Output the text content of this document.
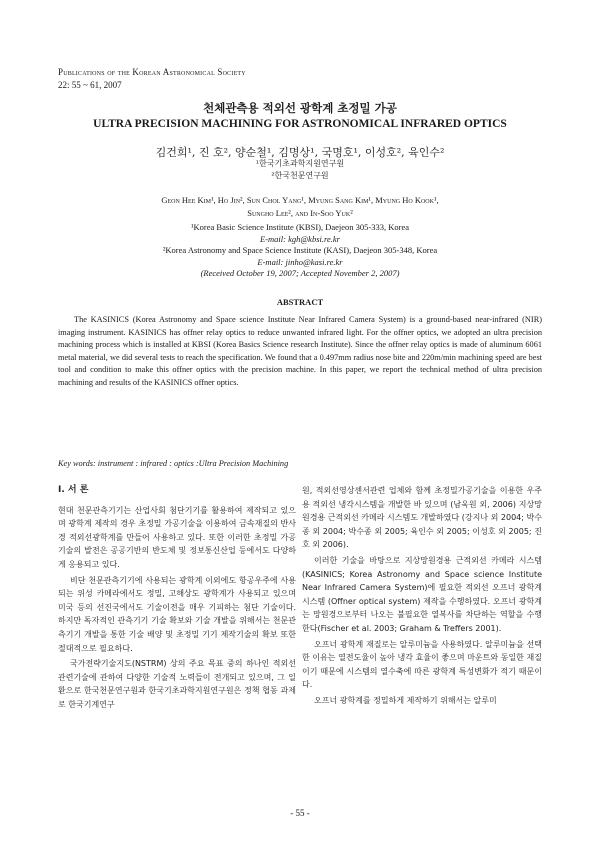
Publications of the Korean Astronomical Society
22: 55 ~ 61, 2007
천체관측용 적외선 광학계 초정밀 가공
ULTRA PRECISION MACHINING FOR ASTRONOMICAL INFRARED OPTICS
김건희¹, 진 호², 양순철¹, 김명상¹, 국명호¹, 이성호², 육인수²
¹한국기초과학지원연구원
²한국천문연구원
Geon Hee Kim¹, Ho Jin², Sun Chol Yang¹, Myung Sang Kim¹, Myung Ho Kook¹,
Sungho Lee², and In-Soo Yuk²
¹Korea Basic Science Institute (KBSI), Daejeon 305-333, Korea
E-mail: kgh@kbsi.re.kr
²Korea Astronomy and Space Science Institute (KASI), Daejeon 305-348, Korea
E-mail: jinho@kasi.re.kr
(Received October 19, 2007; Accepted November 2, 2007)
ABSTRACT
The KASINICS (Korea Astronomy and Space science Institute Near Infrared Camera System) is a ground-based near-infrared (NIR) imaging instrument. KASINICS has offner relay optics to reduce unwanted infrared light. For the offner optics, we adopted an ultra precision machining process which is installed at KBSI (Korea Basics Science research Institute). Since the offner relay optics is made of aluminum 6061 metal material, we did several tests to reach the specification. We found that a 0.497mm radius nose bite and 220m/min machining speed are best tool and condition to make this offner optics with the precision machine. In this paper, we report the technical method of ultra precision machining and results of the KASINICS offner optics.
Key words: instrument : infrared : optics :Ultra Precision Machining
I. 서 론

현대 천문관측기기는 산업사회 첨단기기를 활용하여 제작되고 있으며 광학계 제작의 경우 초정밀 가공기술을 이용하여 금속재질의 반사경 적외선광학계를 만들어 사용하고 있다. 또한 이러한 초정밀 가공기술의 발전은 공공기반의 반도체 및 정보통신산업 등에서도 다양하게 응용되고 있다.

비단 천문관측기기에 사용되는 광학계 이외에도 항공우주에 사용되는 위성 카메라에서도 정밀, 고해상도 광학계가 사용되고 있으며 미국 등의 선진국에서도 기술이전을 매우 기피하는 첨단 기술이다. 하지만 독자적인 관측기기 기술 확보와 기술 개발을 위해서는 천문관측기기 개발을 통한 기술 배양 및 초정밀 기기 제작기술의 확보 또한 절대적으로 필요하다.

국가전략기술지도(NSTRM) 상의 주요 목표 중의 하나인 적외선관련기술에 관하여 다양한 기술적 노력들이 전개되고 있으며, 그 일환으로 한국천문연구원과 한국기초과학지원연구원은 정책 협동 과제로 한국기계연구

원, 적외선영상센서관련 업체와 함께 초정밀가공기술을 이용한 우주용 적외선 냉각시스템을 개발한 바 있으며 (남욱원 외, 2006) 지상망원경용 근적외선 카메라 시스템도 개발하였다 (강지나 외 2004; 박수종 외 2004; 박수종 외 2005; 육인수 외 2005; 이성호 외 2005; 진호 외 2006).

이러한 기술을 바탕으로 지상망원경용 근적외선 카메라 시스템 (KASINICS; Korea Astronomy and Space science Institute Near Infrared Camera System)에 필요한 적외선 오프너 광학계 시스템 (Offner optical system) 제작을 수행하였다. 오프너 광학계는 망원경으로부터 나오는 불필요한 열복사를 차단하는 역할을 수행한다(Fischer et al. 2003; Graham & Treffers 2001).

오프너 광학계 재질로는 알루미늄을 사용하였다. 알루미늄을 선택한 이유는 열전도율이 높아 냉각 효율이 좋으며 마운트와 동일한 재질이기 때문에 시스템의 열수축에 따른 광학계 특성변화가 적기 때문이다.

오프너 광학계를 정밀하게 제작하기 위해서는 알루미

- 55 -
